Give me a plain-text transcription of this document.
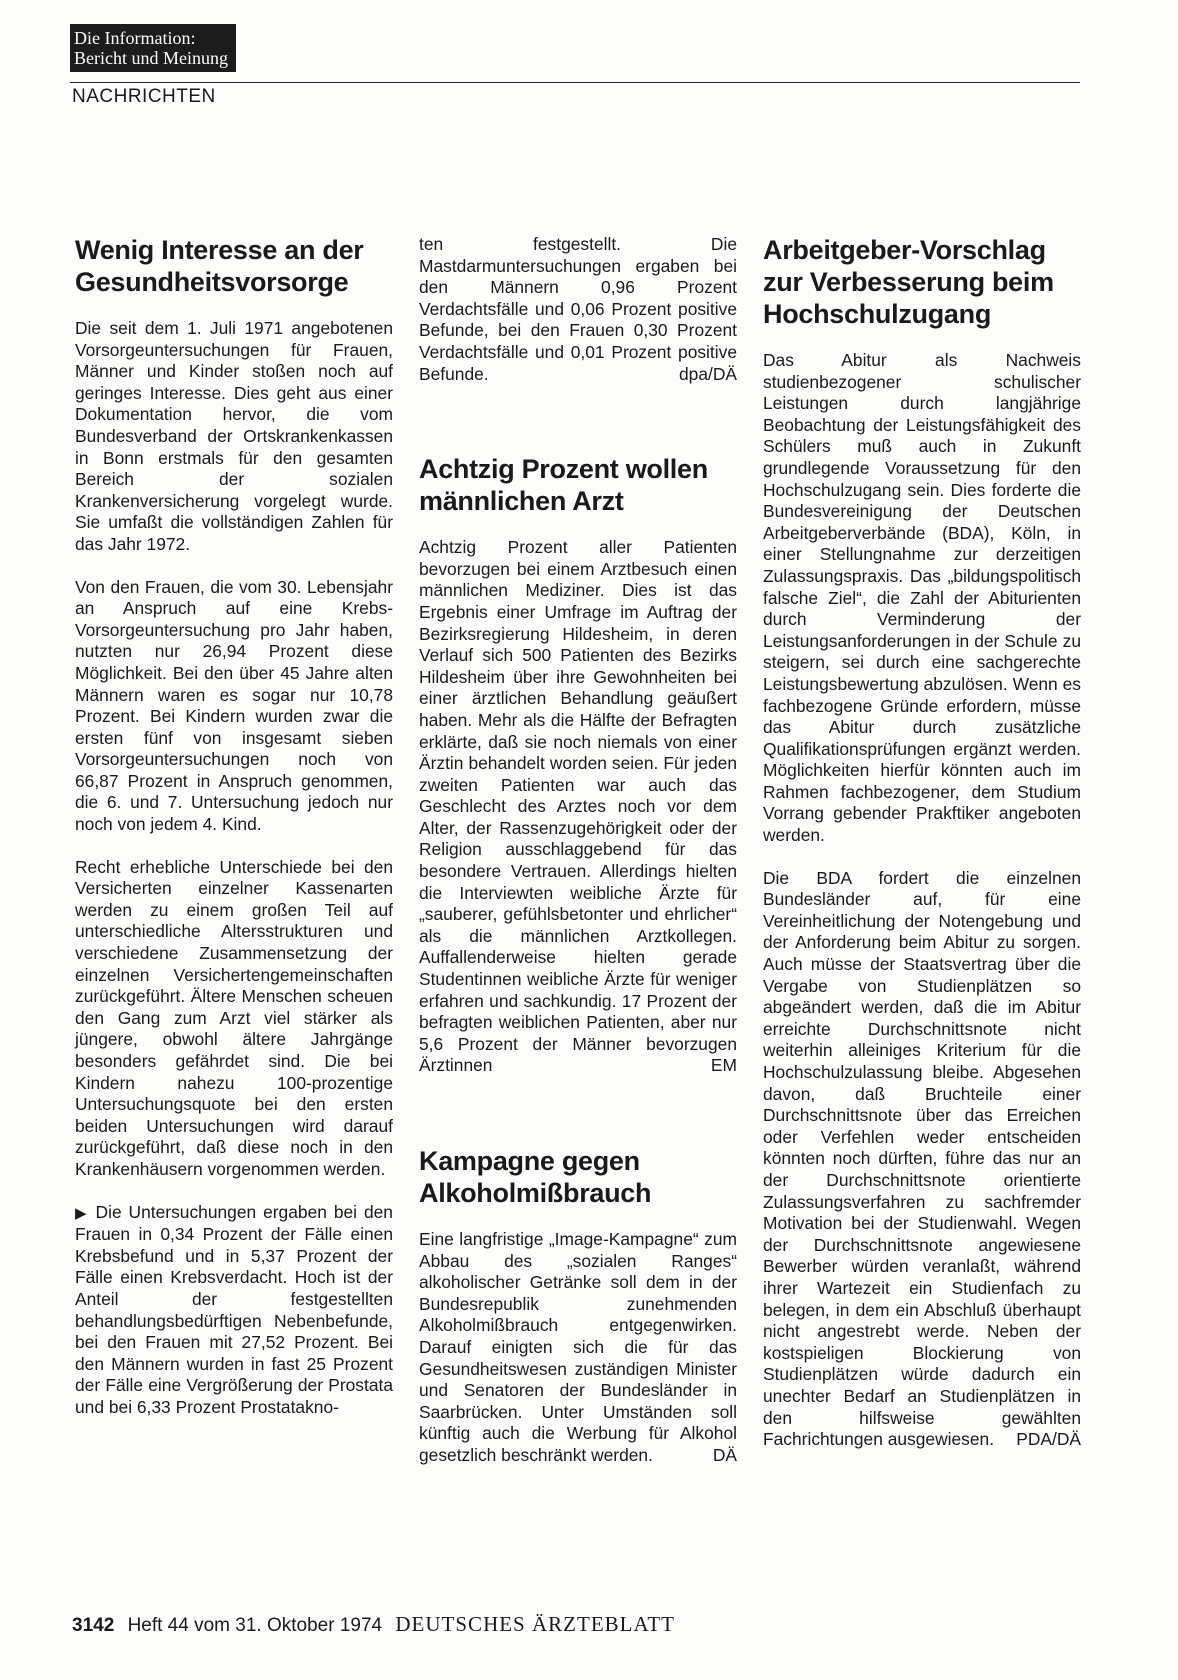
Die Information:
Bericht und Meinung
NACHRICHTEN
Wenig Interesse an der Gesundheitsvorsorge

Die seit dem 1. Juli 1971 angebotenen Vorsorgeuntersuchungen für Frauen, Männer und Kinder stoßen noch auf geringes Interesse. Dies geht aus einer Dokumentation hervor, die vom Bundesverband der Ortskrankenkassen in Bonn erstmals für den gesamten Bereich der sozialen Krankenversicherung vorgelegt wurde. Sie umfaßt die vollständigen Zahlen für das Jahr 1972.

Von den Frauen, die vom 30. Lebensjahr an Anspruch auf eine Krebs-Vorsorgeuntersuchung pro Jahr haben, nutzten nur 26,94 Prozent diese Möglichkeit. Bei den über 45 Jahre alten Männern waren es sogar nur 10,78 Prozent. Bei Kindern wurden zwar die ersten fünf von insgesamt sieben Vorsorgeuntersuchungen noch von 66,87 Prozent in Anspruch genommen, die 6. und 7. Untersuchung jedoch nur noch von jedem 4. Kind.

Recht erhebliche Unterschiede bei den Versicherten einzelner Kassenarten werden zu einem großen Teil auf unterschiedliche Altersstrukturen und verschiedene Zusammensetzung der einzelnen Versichertengemeinschaften zurückgeführt. Ältere Menschen scheuen den Gang zum Arzt viel stärker als jüngere, obwohl ältere Jahrgänge besonders gefährdet sind. Die bei Kindern nahezu 100-prozentige Untersuchungsquote bei den ersten beiden Untersuchungen wird darauf zurückgeführt, daß diese noch in den Krankenhäusern vorgenommen werden.

▶ Die Untersuchungen ergaben bei den Frauen in 0,34 Prozent der Fälle einen Krebsbefund und in 5,37 Prozent der Fälle einen Krebsverdacht. Hoch ist der Anteil der festgestellten behandlungsbedürftigen Nebenbefunde, bei den Frauen mit 27,52 Prozent. Bei den Männern wurden in fast 25 Prozent der Fälle eine Vergrößerung der Prostata und bei 6,33 Prozent Prostatakno-

ten festgestellt. Die Mastdarmuntersuchungen ergaben bei den Männern 0,96 Prozent Verdachtsfälle und 0,06 Prozent positive Befunde, bei den Frauen 0,30 Prozent Verdachtsfälle und 0,01 Prozent positive Befunde.	dpa/DÄ

Achtzig Prozent wollen männlichen Arzt

Achtzig Prozent aller Patienten bevorzugen bei einem Arztbesuch einen männlichen Mediziner. Dies ist das Ergebnis einer Umfrage im Auftrag der Bezirksregierung Hildesheim, in deren Verlauf sich 500 Patienten des Bezirks Hildesheim über ihre Gewohnheiten bei einer ärztlichen Behandlung geäußert haben. Mehr als die Hälfte der Befragten erklärte, daß sie noch niemals von einer Ärztin behandelt worden seien. Für jeden zweiten Patienten war auch das Geschlecht des Arztes noch vor dem Alter, der Rassenzugehörigkeit oder der Religion ausschlaggebend für das besondere Vertrauen. Allerdings hielten die Interviewten weibliche Ärzte für „sauberer, gefühlsbetonter und ehrlicher“ als die männlichen Arztkollegen. Auffallenderweise hielten gerade Studentinnen weibliche Ärzte für weniger erfahren und sachkundig. 17 Prozent der befragten weiblichen Patienten, aber nur 5,6 Prozent der Männer bevorzugen Ärztinnen	EM

Kampagne gegen Alkoholmißbrauch

Eine langfristige „Image-Kampagne“ zum Abbau des „sozialen Ranges“ alkoholischer Getränke soll dem in der Bundesrepublik zunehmenden Alkoholmißbrauch entgegenwirken. Darauf einigten sich die für das Gesundheitswesen zuständigen Minister und Senatoren der Bundesländer in Saarbrücken. Unter Umständen soll künftig auch die Werbung für Alkohol gesetzlich beschränkt werden.	DÄ

Arbeitgeber-Vorschlag zur Verbesserung beim Hochschulzugang

Das Abitur als Nachweis studienbezogener schulischer Leistungen durch langjährige Beobachtung der Leistungsfähigkeit des Schülers muß auch in Zukunft grundlegende Voraussetzung für den Hochschulzugang sein. Dies forderte die Bundesvereinigung der Deutschen Arbeitgeberverbände (BDA), Köln, in einer Stellungnahme zur derzeitigen Zulassungspraxis. Das „bildungspolitisch falsche Ziel“, die Zahl der Abiturienten durch Verminderung der Leistungsanforderungen in der Schule zu steigern, sei durch eine sachgerechte Leistungsbewertung abzulösen. Wenn es fachbezogene Gründe erfordern, müsse das Abitur durch zusätzliche Qualifikationsprüfungen ergänzt werden. Möglichkeiten hierfür könnten auch im Rahmen fachbezogener, dem Studium Vorrang gebender Prakftiker angeboten werden.

Die BDA fordert die einzelnen Bundesländer auf, für eine Vereinheitlichung der Notengebung und der Anforderung beim Abitur zu sorgen. Auch müsse der Staatsvertrag über die Vergabe von Studienplätzen so abgeändert werden, daß die im Abitur erreichte Durchschnittsnote nicht weiterhin alleiniges Kriterium für die Hochschulzulassung bleibe. Abgesehen davon, daß Bruchteile einer Durchschnittsnote über das Erreichen oder Verfehlen weder entscheiden könnten noch dürften, führe das nur an der Durchschnittsnote orientierte Zulassungsverfahren zu sachfremder Motivation bei der Studienwahl. Wegen der Durchschnittsnote angewiesene Bewerber würden veranlaßt, während ihrer Wartezeit ein Studienfach zu belegen, in dem ein Abschluß überhaupt nicht angestrebt werde. Neben der kostspieligen Blockierung von Studienplätzen würde dadurch ein unechter Bedarf an Studienplätzen in den hilfsweise gewählten Fachrichtungen ausgewiesen. PDA/DÄ

3142 Heft 44 vom 31. Oktober 1974 DEUTSCHES ÄRZTEBLATT
